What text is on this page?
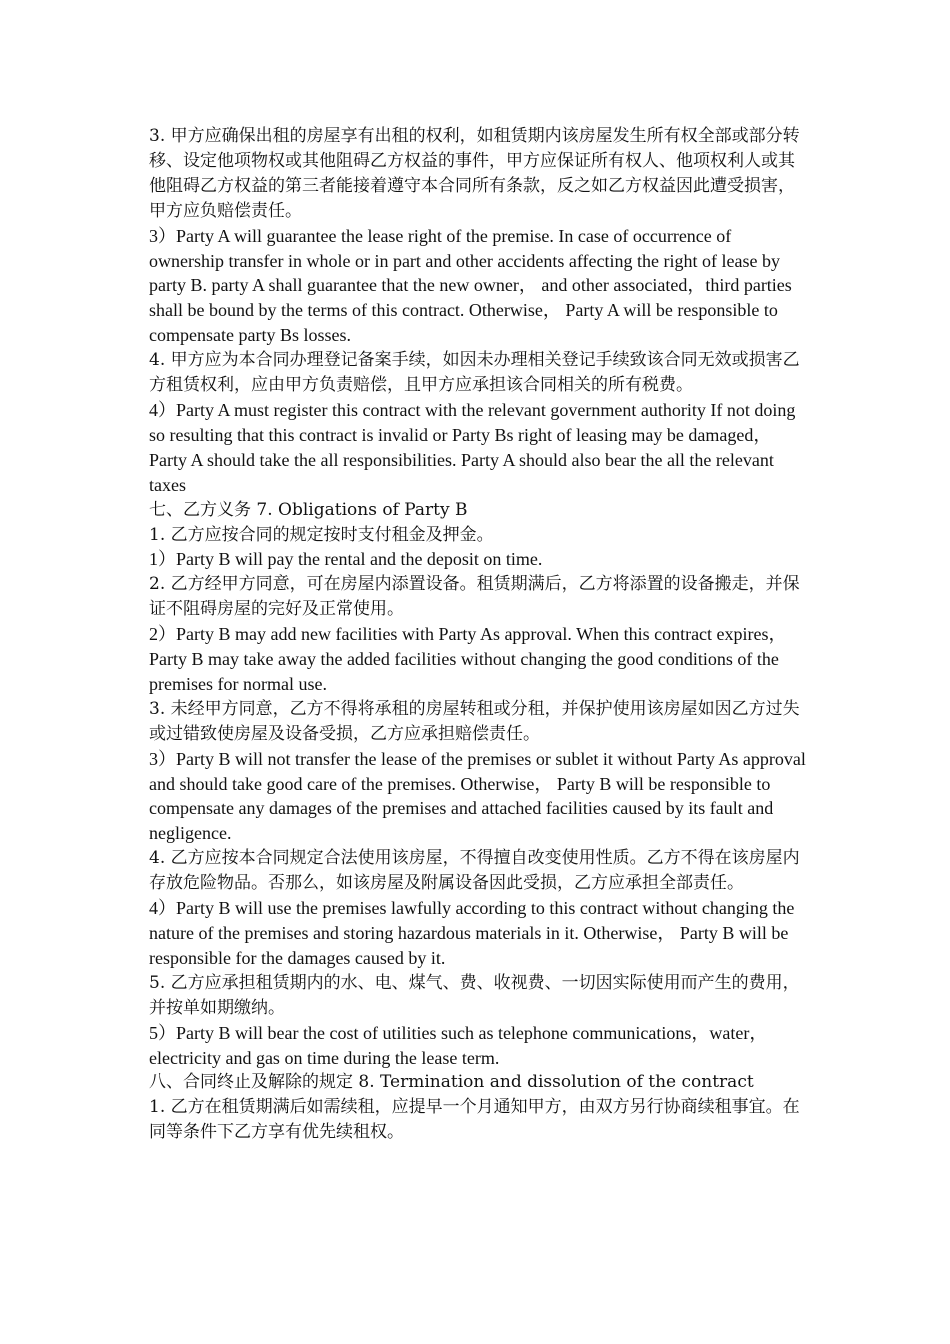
3. 甲方应确保出租的房屋享有出租的权利，如租赁期内该房屋发生所有权全部或部分转移、设定他项物权或其他阻碍乙方权益的事件，甲方应保证所有权人、他项权利人或其他阻碍乙方权益的第三者能接着遵守本合同所有条款，反之如乙方权益因此遭受损害，甲方应负赔偿责任。

3）Party A will guarantee the lease right of the premise. In case of occurrence of ownership transfer in whole or in part and other accidents affecting the right of lease by party B. party A shall guarantee that the new owner， and other associated，third parties shall be bound by the terms of this contract. Otherwise， Party A will be responsible to compensate party Bs losses.

4. 甲方应为本合同办理登记备案手续，如因未办理相关登记手续致该合同无效或损害乙方租赁权利，应由甲方负责赔偿，且甲方应承担该合同相关的所有税费。

4）Party A must register this contract with the relevant government authority If not doing so resulting that this contract is invalid or Party Bs right of leasing may be damaged， Party A should take the all responsibilities. Party A should also bear the all the relevant taxes

七、乙方义务 7. Obligations of Party B

1. 乙方应按合同的规定按时支付租金及押金。

1）Party B will pay the rental and the deposit on time.

2. 乙方经甲方同意，可在房屋内添置设备。租赁期满后，乙方将添置的设备搬走，并保证不阻碍房屋的完好及正常使用。

2）Party B may add new facilities with Party As approval. When this contract expires， Party B may take away the added facilities without changing the good conditions of the premises for normal use.

3. 未经甲方同意，乙方不得将承租的房屋转租或分租，并保护使用该房屋如因乙方过失或过错致使房屋及设备受损，乙方应承担赔偿责任。

3）Party B will not transfer the lease of the premises or sublet it without Party As approval and should take good care of the premises. Otherwise， Party B will be responsible to compensate any damages of the premises and attached facilities caused by its fault and negligence.

4. 乙方应按本合同规定合法使用该房屋，不得擅自改变使用性质。乙方不得在该房屋内存放危险物品。否那么，如该房屋及附属设备因此受损，乙方应承担全部责任。

4）Party B will use the premises lawfully according to this contract without changing the nature of the premises and storing hazardous materials in it. Otherwise， Party B will be responsible for the damages caused by it.

5. 乙方应承担租赁期内的水、电、煤气、费、收视费、一切因实际使用而产生的费用，并按单如期缴纳。

5）Party B will bear the cost of utilities such as telephone communications，water， electricity and gas on time during the lease term.

八、合同终止及解除的规定 8. Termination and dissolution of the contract

1. 乙方在租赁期满后如需续租，应提早一个月通知甲方，由双方另行协商续租事宜。在同等条件下乙方享有优先续租权。
